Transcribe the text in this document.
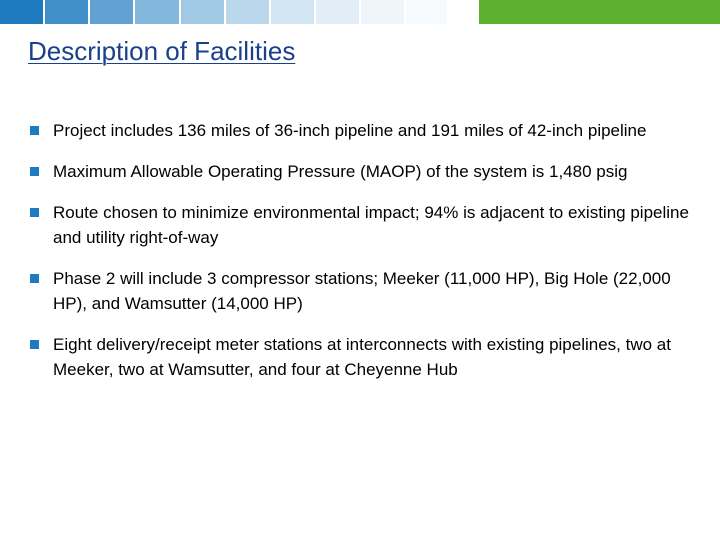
Description of Facilities
Project includes 136 miles of 36-inch pipeline and 191 miles of 42-inch pipeline
Maximum Allowable Operating Pressure (MAOP) of the system is 1,480 psig
Route chosen to minimize environmental impact; 94% is adjacent to existing pipeline and utility right-of-way
Phase 2 will include 3 compressor stations; Meeker (11,000 HP), Big Hole (22,000 HP), and Wamsutter (14,000 HP)
Eight delivery/receipt meter stations at interconnects with existing pipelines, two at Meeker, two at Wamsutter, and four at Cheyenne Hub
